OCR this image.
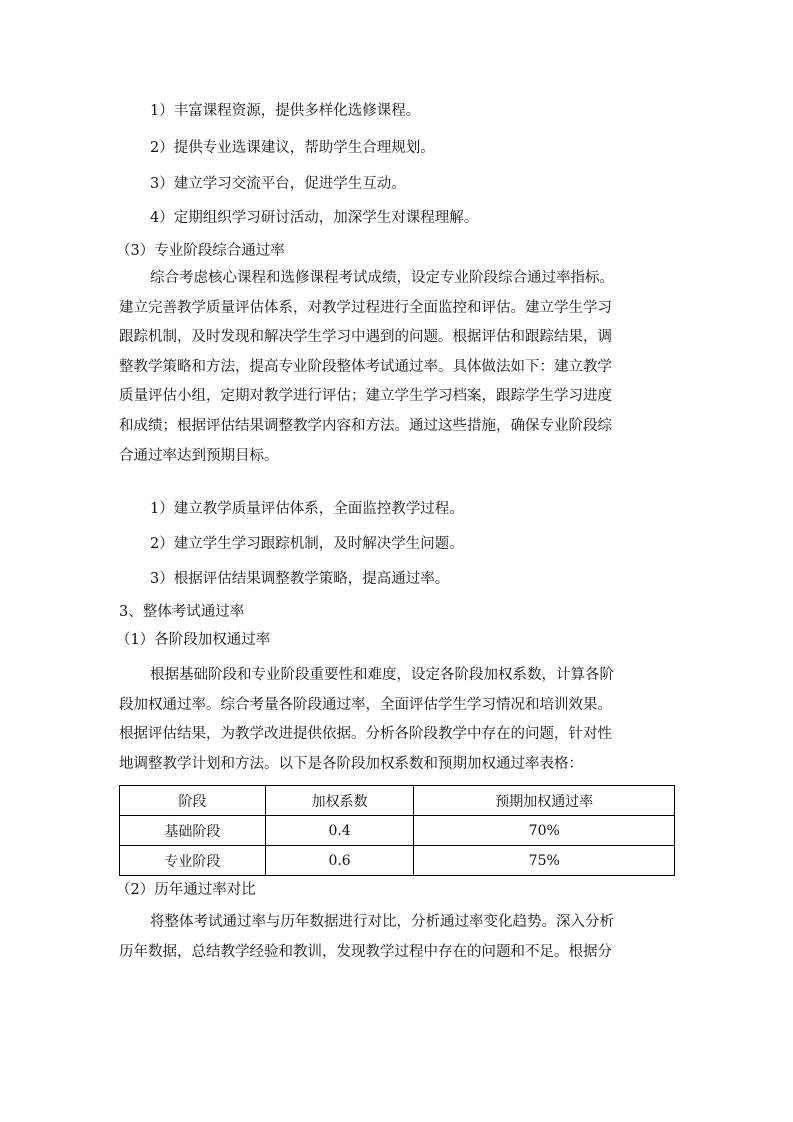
1）丰富课程资源，提供多样化选修课程。
2）提供专业选课建议，帮助学生合理规划。
3）建立学习交流平台，促进学生互动。
4）定期组织学习研讨活动，加深学生对课程理解。
（3）专业阶段综合通过率
综合考虑核心课程和选修课程考试成绩，设定专业阶段综合通过率指标。
建立完善教学质量评估体系，对教学过程进行全面监控和评估。建立学生学习
跟踪机制，及时发现和解决学生学习中遇到的问题。根据评估和跟踪结果，调
整教学策略和方法，提高专业阶段整体考试通过率。具体做法如下：建立教学
质量评估小组，定期对教学进行评估；建立学生学习档案，跟踪学生学习进度
和成绩；根据评估结果调整教学内容和方法。通过这些措施，确保专业阶段综
合通过率达到预期目标。
1）建立教学质量评估体系，全面监控教学过程。
2）建立学生学习跟踪机制，及时解决学生问题。
3）根据评估结果调整教学策略，提高通过率。
3、整体考试通过率
（1）各阶段加权通过率
根据基础阶段和专业阶段重要性和难度，设定各阶段加权系数，计算各阶
段加权通过率。综合考量各阶段通过率，全面评估学生学习情况和培训效果。
根据评估结果，为教学改进提供依据。分析各阶段教学中存在的问题，针对性
地调整教学计划和方法。以下是各阶段加权系数和预期加权通过率表格：
阶段	加权系数	预期加权通过率
基础阶段	0.4	70%
专业阶段	0.6	75%
（2）历年通过率对比
将整体考试通过率与历年数据进行对比，分析通过率变化趋势。深入分析
历年数据，总结教学经验和教训，发现教学过程中存在的问题和不足。根据分
